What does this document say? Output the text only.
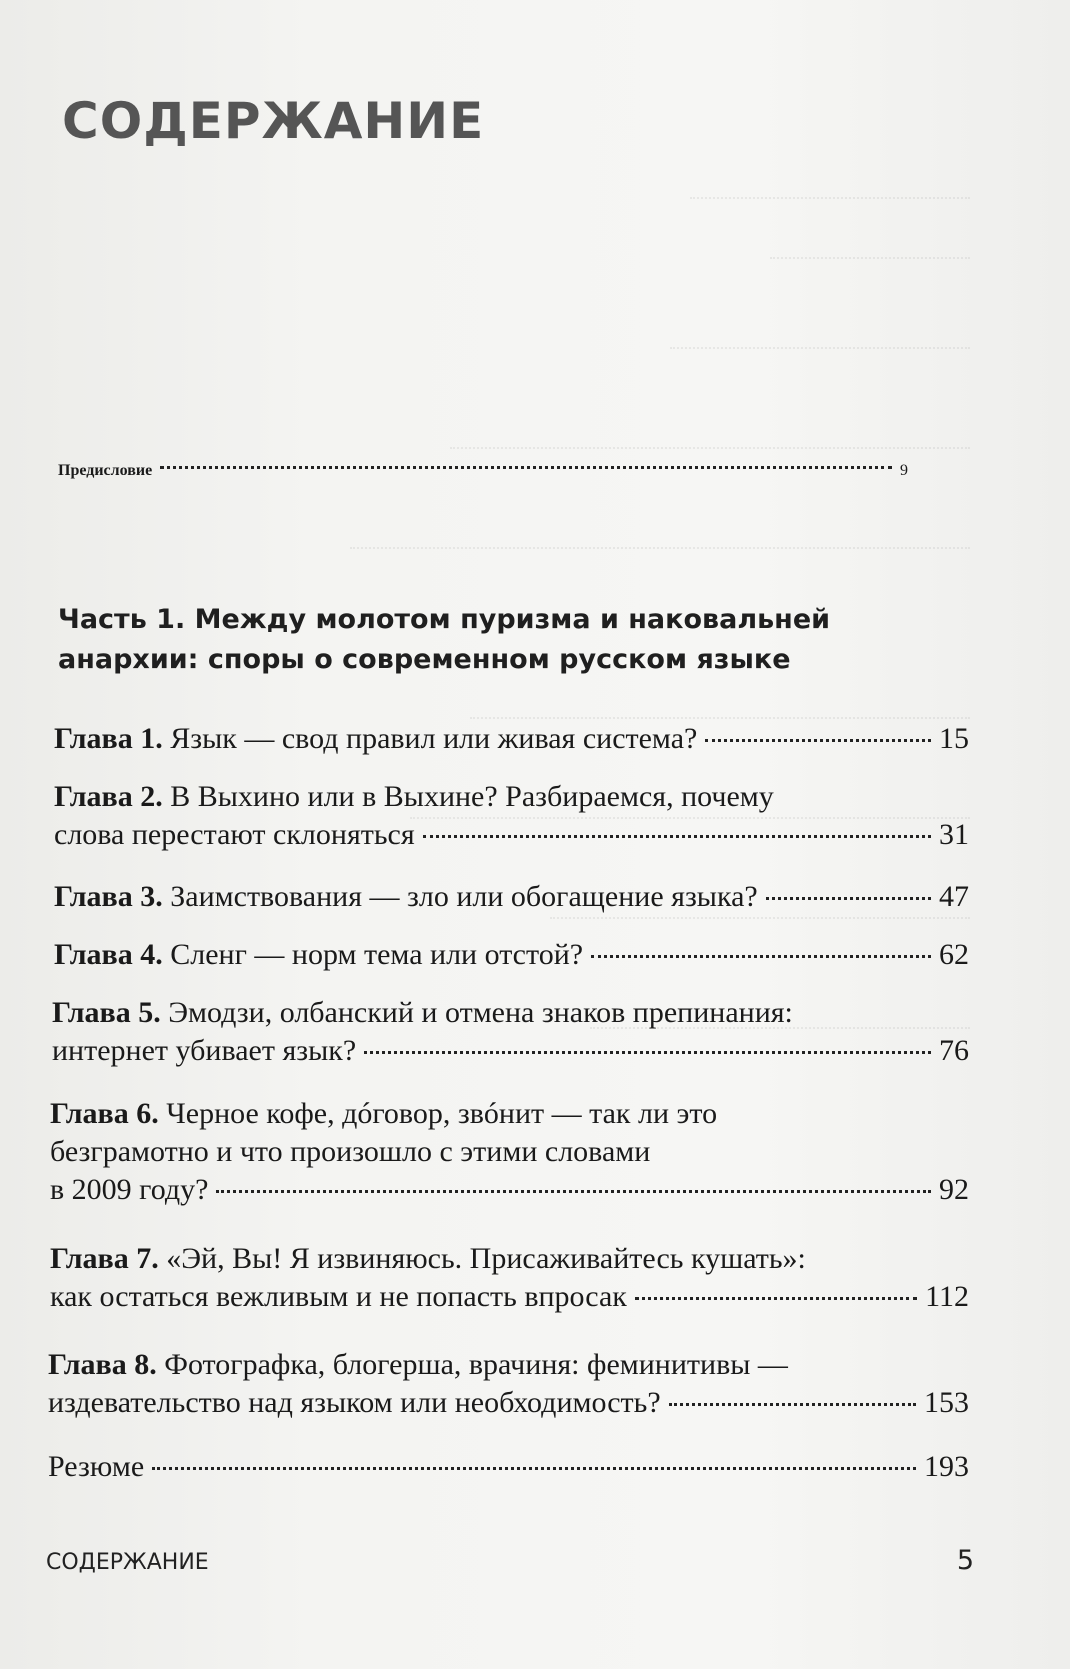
СОДЕРЖАНИЕ
Предисловие	9
Часть 1. Между молотом пуризма и наковальней анархии: споры о современном русском языке
Глава 1. Язык — свод правил или живая система?	15
Глава 2. В Выхино или в Выхине? Разбираемся, почему
слова перестают склоняться	31
Глава 3. Заимствования — зло или обогащение языка?	47
Глава 4. Сленг — норм тема или отстой?	62
Глава 5. Эмодзи, олбанский и отмена знаков препинания:
интернет убивает язык?	76
Глава 6. Черное кофе, дóговор, звóнит — так ли это
безграмотно и что произошло с этими словами
в 2009 году?	92
Глава 7. «Эй, Вы! Я извиняюсь. Присаживайтесь кушать»:
как остаться вежливым и не попасть впросак	112
Глава 8. Фотографка, блогерша, врачиня: феминитивы —
издевательство над языком или необходимость?	153
Резюме	193
СОДЕРЖАНИЕ	5
